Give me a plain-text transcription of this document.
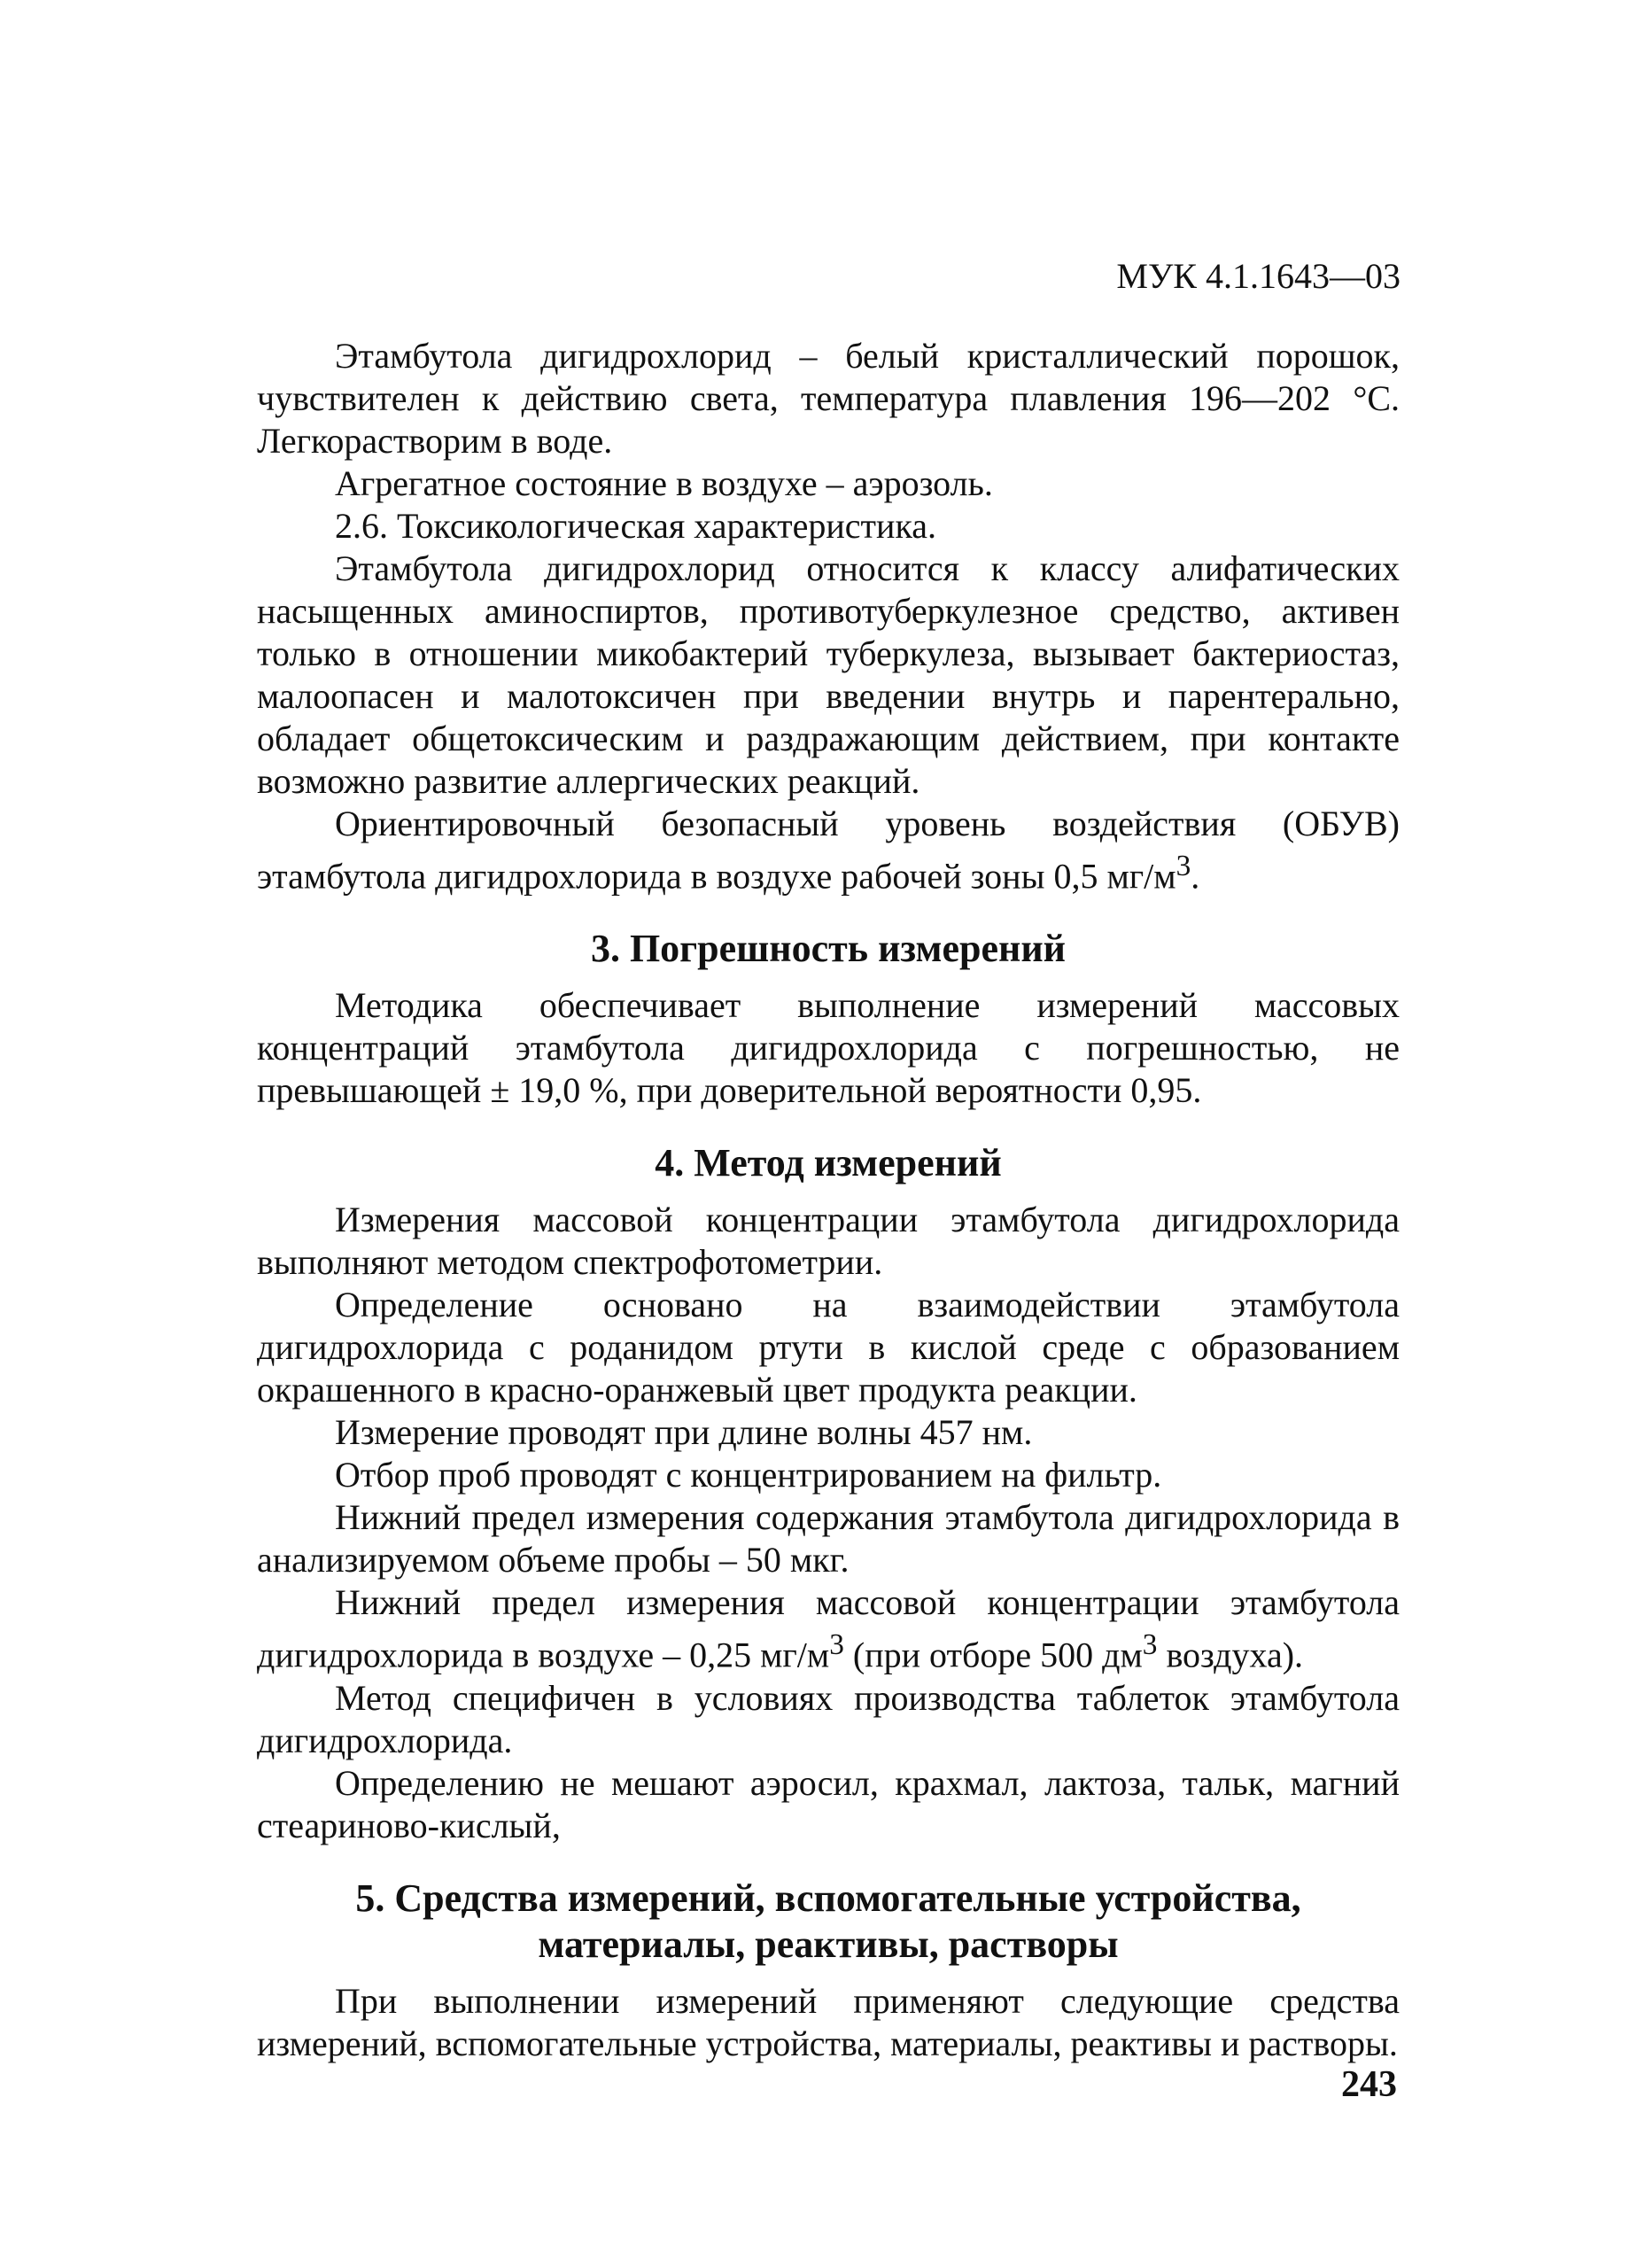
МУК 4.1.1643—03

Этамбутола дигидрохлорид – белый кристаллический порошок, чувствителен к действию света, температура плавления 196—202 °С. Легкорастворим в воде.

Агрегатное состояние в воздухе – аэрозоль.

2.6. Токсикологическая характеристика.

Этамбутола дигидрохлорид относится к классу алифатических насыщенных аминоспиртов, противотуберкулезное средство, активен только в отношении микобактерий туберкулеза, вызывает бактериостаз, малоопасен и малотоксичен при введении внутрь и парентерально, обладает общетоксическим и раздражающим действием, при контакте возможно развитие аллергических реакций.

Ориентировочный безопасный уровень воздействия (ОБУВ) этамбутола дигидрохлорида в воздухе рабочей зоны 0,5 $мг/м^3$.

3. Погрешность измерений

Методика обеспечивает выполнение измерений массовых концентраций этамбутола дигидрохлорида с погрешностью, не превышающей ± 19,0 %, при доверительной вероятности 0,95.

4. Метод измерений

Измерения массовой концентрации этамбутола дигидрохлорида выполняют методом спектрофотометрии.

Определение основано на взаимодействии этамбутола дигидрохлорида с роданидом ртути в кислой среде с образованием окрашенного в красно-оранжевый цвет продукта реакции.

Измерение проводят при длине волны 457 нм.

Отбор проб проводят с концентрированием на фильтр.

Нижний предел измерения содержания этамбутола дигидрохлорида в анализируемом объеме пробы – 50 мкг.

Нижний предел измерения массовой концентрации этамбутола дигидрохлорида в воздухе – 0,25 $мг/м^3$ (при отборе 500 $дм^3$ воздуха).

Метод специфичен в условиях производства таблеток этамбутола дигидрохлорида.

Определению не мешают аэросил, крахмал, лактоза, тальк, магний стеариново-кислый,

5. Средства измерений, вспомогательные устройства,
материалы, реактивы, растворы

При выполнении измерений применяют следующие средства измерений, вспомогательные устройства, материалы, реактивы и растворы.

243
